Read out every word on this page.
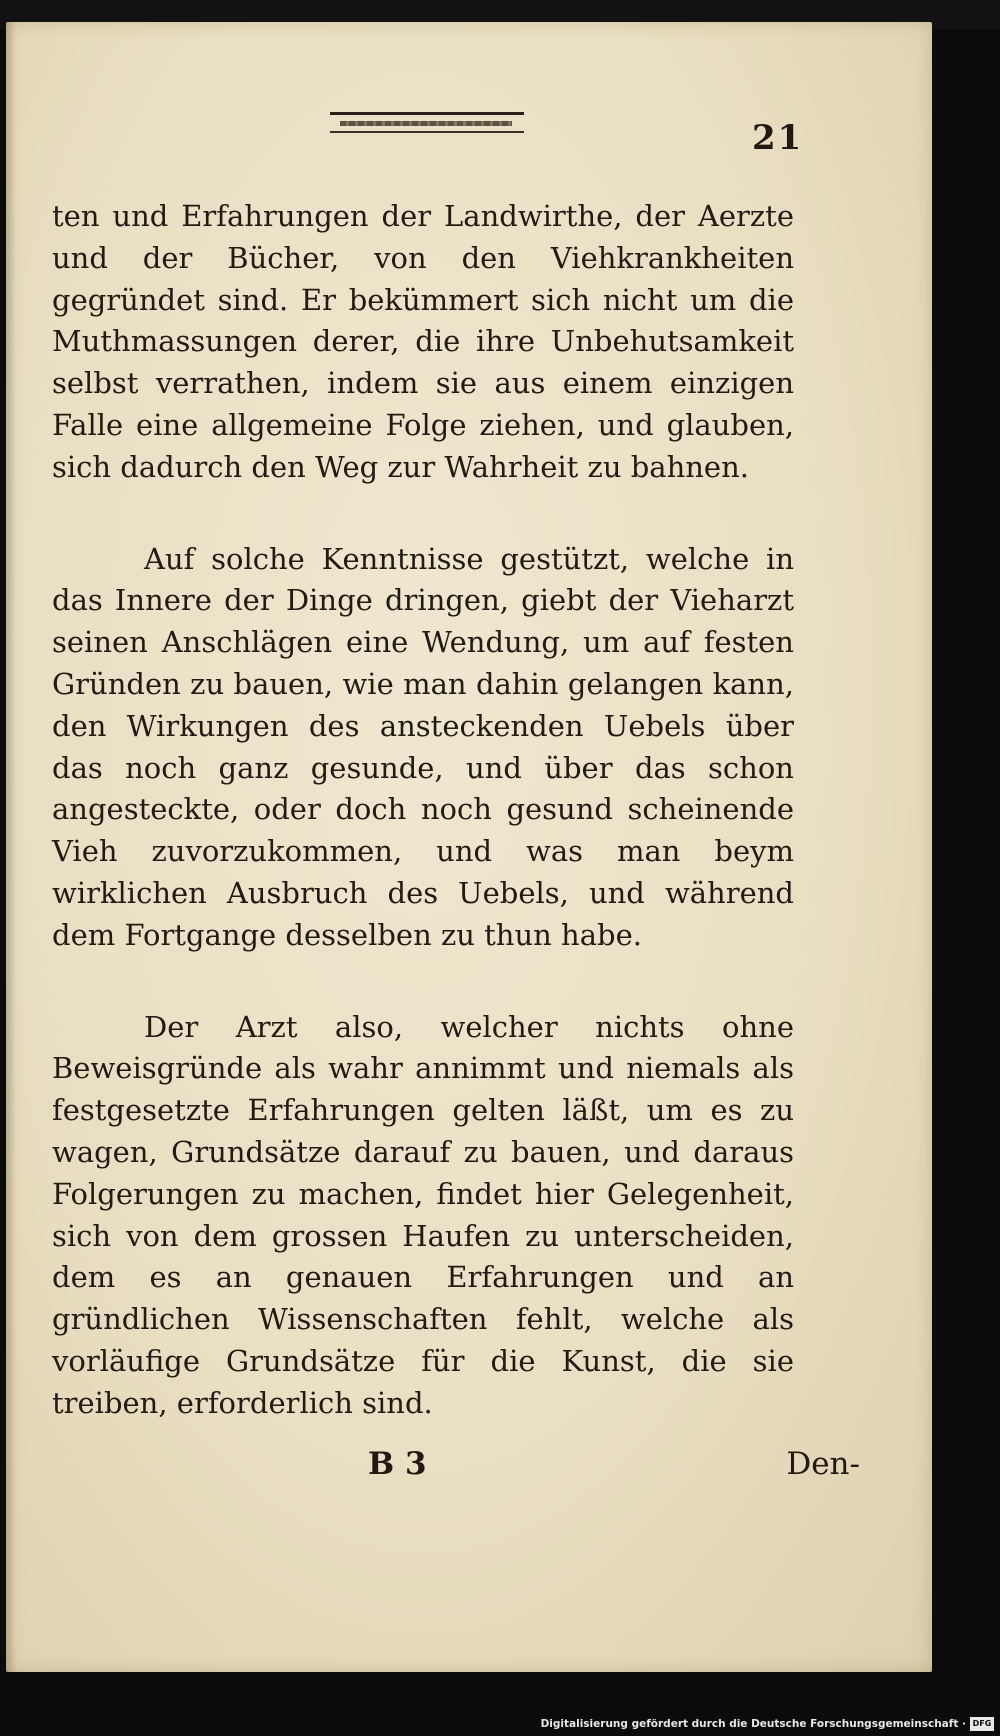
21

ten und Erfahrungen der Landwirthe, der Aerzte und der Bücher, von den Viehkrankheiten gegründet sind. Er bekümmert sich nicht um die Muthmassungen derer, die ihre Unbehutsamkeit selbst verrathen, indem sie aus einem einzigen Falle eine allgemeine Folge ziehen, und glauben, sich dadurch den Weg zur Wahrheit zu bahnen.

Auf solche Kenntnisse gestützt, welche in das Innere der Dinge dringen, giebt der Vieharzt seinen Anschlägen eine Wendung, um auf festen Gründen zu bauen, wie man dahin gelangen kann, den Wirkungen des ansteckenden Uebels über das noch ganz gesunde, und über das schon angesteckte, oder doch noch gesund scheinende Vieh zuvorzukommen, und was man beym wirklichen Ausbruch des Uebels, und während dem Fortgange desselben zu thun habe.

Der Arzt also, welcher nichts ohne Beweisgründe als wahr annimmt und niemals als festgesetzte Erfahrungen gelten läßt, um es zu wagen, Grundsätze darauf zu bauen, und daraus Folgerungen zu machen, findet hier Gelegenheit, sich von dem grossen Haufen zu unterscheiden, dem es an genauen Erfahrungen und an gründlichen Wissenschaften fehlt, welche als vorläufige Grundsätze für die Kunst, die sie treiben, erforderlich sind.

B 3	Den-
Digitalisierung gefördert durch die Deutsche Forschungsgemeinschaft · DFG
